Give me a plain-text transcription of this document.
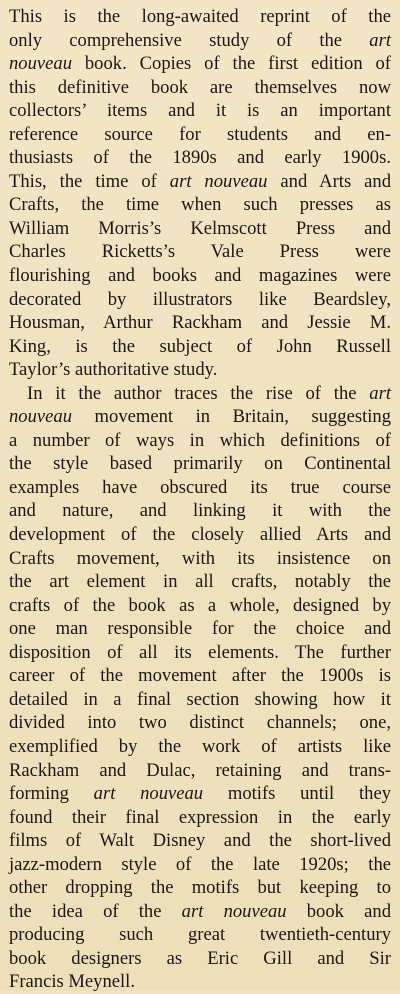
This is the long-awaited reprint of the
only comprehensive study of the art
nouveau book. Copies of the first edition of
this definitive book are themselves now
collectors’ items and it is an important
reference source for students and en-
thusiasts of the 1890s and early 1900s.
This, the time of art nouveau and Arts and
Crafts, the time when such presses as
William Morris’s Kelmscott Press and
Charles Ricketts’s Vale Press were
flourishing and books and magazines were
decorated by illustrators like Beardsley,
Housman, Arthur Rackham and Jessie M.
King, is the subject of John Russell
Taylor’s authoritative study.
In it the author traces the rise of the art
nouveau movement in Britain, suggesting
a number of ways in which definitions of
the style based primarily on Continental
examples have obscured its true course
and nature, and linking it with the
development of the closely allied Arts and
Crafts movement, with its insistence on
the art element in all crafts, notably the
crafts of the book as a whole, designed by
one man responsible for the choice and
disposition of all its elements. The further
career of the movement after the 1900s is
detailed in a final section showing how it
divided into two distinct channels; one,
exemplified by the work of artists like
Rackham and Dulac, retaining and trans-
forming art nouveau motifs until they
found their final expression in the early
films of Walt Disney and the short-lived
jazz-modern style of the late 1920s; the
other dropping the motifs but keeping to
the idea of the art nouveau book and
producing such great twentieth-century
book designers as Eric Gill and Sir
Francis Meynell.
